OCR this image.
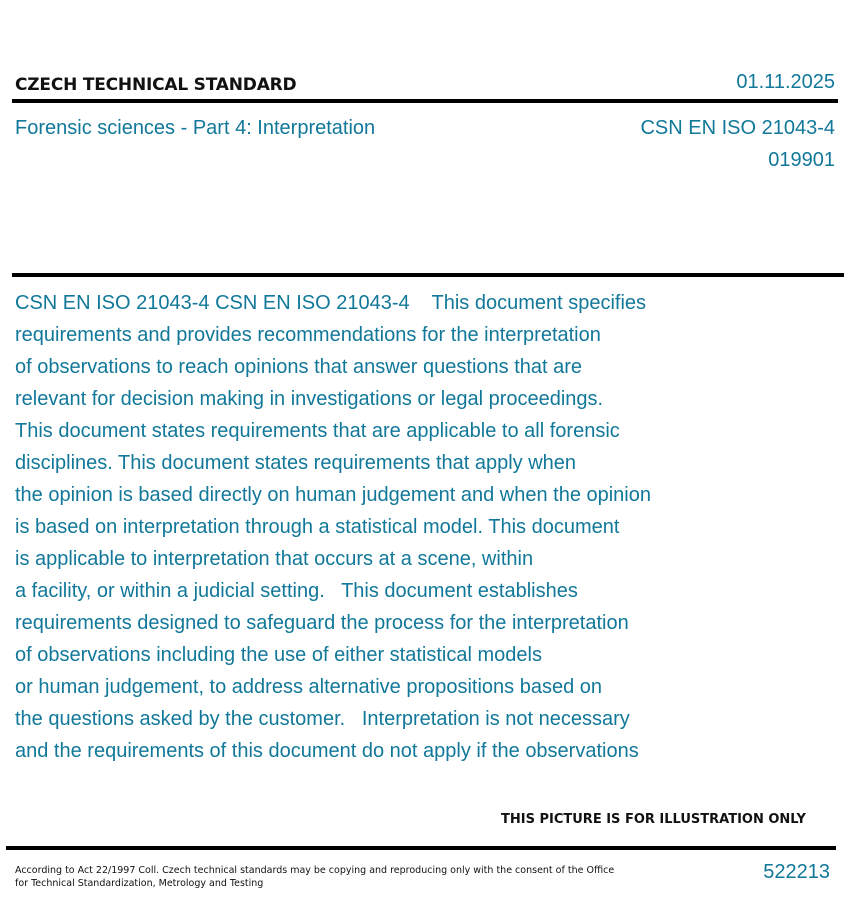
CZECH TECHNICAL STANDARD	01.11.2025
Forensic sciences - Part 4: Interpretation	CSN EN ISO 21043-4
019901
CSN EN ISO 21043-4 CSN EN ISO 21043-4    This document specifies
requirements and provides recommendations for the interpretation
of observations to reach opinions that answer questions that are
relevant for decision making in investigations or legal proceedings.
This document states requirements that are applicable to all forensic
disciplines. This document states requirements that apply when
the opinion is based directly on human judgement and when the opinion
is based on interpretation through a statistical model. This document
is applicable to interpretation that occurs at a scene, within
a facility, or within a judicial setting.   This document establishes
requirements designed to safeguard the process for the interpretation
of observations including the use of either statistical models
or human judgement, to address alternative propositions based on
the questions asked by the customer.   Interpretation is not necessary
and the requirements of this document do not apply if the observations
THIS PICTURE IS FOR ILLUSTRATION ONLY
According to Act 22/1997 Coll. Czech technical standards may be copying and reproducing only with the consent of the Office
for Technical Standardization, Metrology and Testing
522213
